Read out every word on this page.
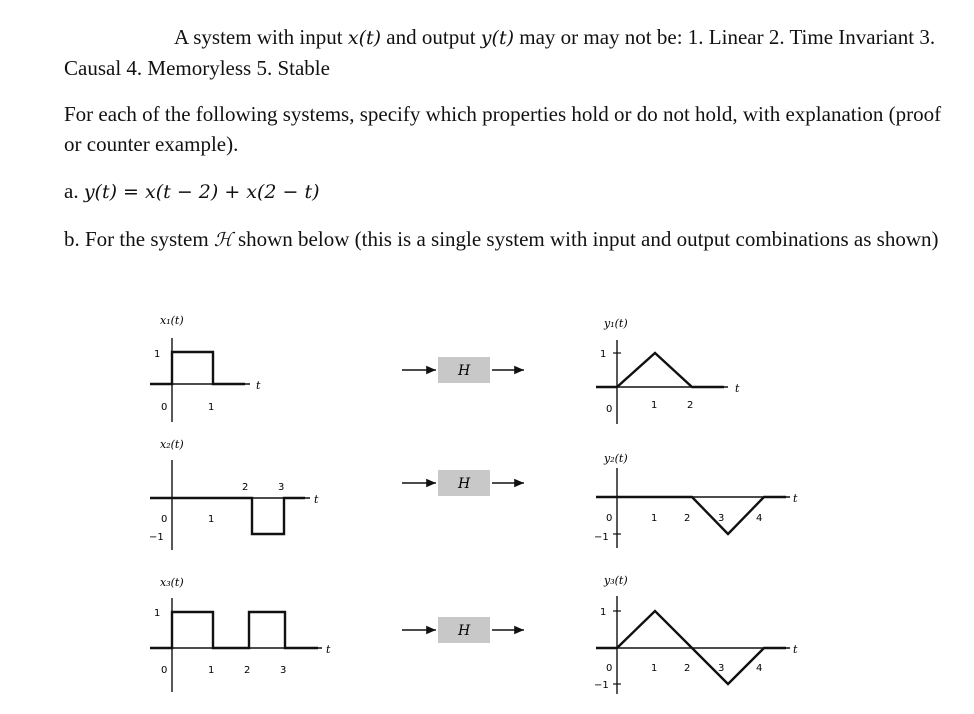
A system with input x(t) and output y(t) may or may not be: 1. Linear 2. Time Invariant 3. Causal 4. Memoryless 5. Stable

For each of the following systems, specify which properties hold or do not hold, with explanation (proof or counter example).

a. y(t) = x(t − 2) + x(2 − t)

b. For the system ℋ shown below (this is a single system with input and output combinations as shown)

x₁(t)
1
0	1
t
x₂(t)
−1
0	1
2	3
t
x₃(t)
1
0	1	2	3
t
H
H
H
y₁(t)
1
0	1	2
t
y₂(t)
−1
0	1	2	3	4
t
y₃(t)
1
−1
0	1	2	3	4
t
